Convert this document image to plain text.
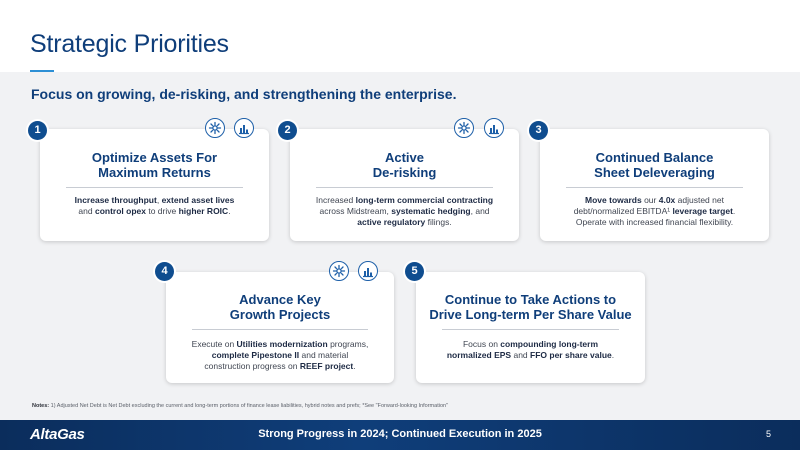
Strategic Priorities
Focus on growing, de-risking, and strengthening the enterprise.
Optimize Assets For
Maximum Returns
Increase throughput, extend asset lives
and control opex to drive higher ROIC.
1
Active
De-risking
Increased long-term commercial contracting
across Midstream, systematic hedging, and
active regulatory filings.
2
Continued Balance
Sheet Deleveraging
Move towards our 4.0x adjusted net
debt/normalized EBITDA¹ leverage target.
Operate with increased financial flexibility.
3
Advance Key
Growth Projects
Execute on Utilities modernization programs,
complete Pipestone II and material
construction progress on REEF project.
4
Continue to Take Actions to
Drive Long-term Per Share Value
Focus on compounding long-term
normalized EPS and FFO per share value.
5
Notes: 1) Adjusted Net Debt is Net Debt excluding the current and long-term portions of finance lease liabilities, hybrid notes and prefs; *See "Forward-looking Information"
AltaGas	Strong Progress in 2024; Continued Execution in 2025	5
